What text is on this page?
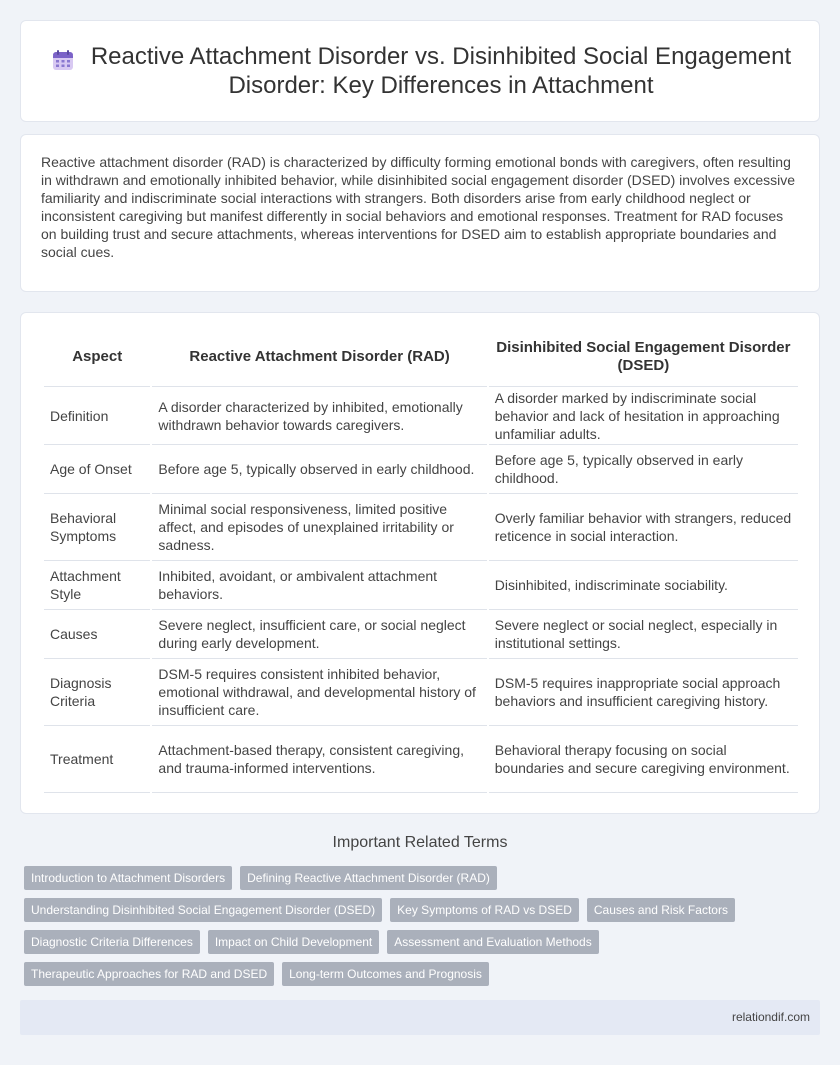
Reactive Attachment Disorder vs. Disinhibited Social Engagement Disorder: Key Differences in Attachment

Reactive attachment disorder (RAD) is characterized by difficulty forming emotional bonds with caregivers, often resulting in withdrawn and emotionally inhibited behavior, while disinhibited social engagement disorder (DSED) involves excessive familiarity and indiscriminate social interactions with strangers. Both disorders arise from early childhood neglect or inconsistent caregiving but manifest differently in social behaviors and emotional responses. Treatment for RAD focuses on building trust and secure attachments, whereas interventions for DSED aim to establish appropriate boundaries and social cues.

Aspect	Reactive Attachment Disorder (RAD)	Disinhibited Social Engagement Disorder (DSED)
Definition	A disorder characterized by inhibited, emotionally withdrawn behavior towards caregivers.	A disorder marked by indiscriminate social behavior and lack of hesitation in approaching unfamiliar adults.
Age of Onset	Before age 5, typically observed in early childhood.	Before age 5, typically observed in early childhood.
Behavioral Symptoms	Minimal social responsiveness, limited positive affect, and episodes of unexplained irritability or sadness.	Overly familiar behavior with strangers, reduced reticence in social interaction.
Attachment Style	Inhibited, avoidant, or ambivalent attachment behaviors.	Disinhibited, indiscriminate sociability.
Causes	Severe neglect, insufficient care, or social neglect during early development.	Severe neglect or social neglect, especially in institutional settings.
Diagnosis Criteria	DSM-5 requires consistent inhibited behavior, emotional withdrawal, and developmental history of insufficient care.	DSM-5 requires inappropriate social approach behaviors and insufficient caregiving history.
Treatment	Attachment-based therapy, consistent caregiving, and trauma-informed interventions.	Behavioral therapy focusing on social boundaries and secure caregiving environment.
Important Related Terms
Introduction to Attachment Disorders	Defining Reactive Attachment Disorder (RAD)
Understanding Disinhibited Social Engagement Disorder (DSED)	Key Symptoms of RAD vs DSED	Causes and Risk Factors
Diagnostic Criteria Differences	Impact on Child Development	Assessment and Evaluation Methods
Therapeutic Approaches for RAD and DSED	Long-term Outcomes and Prognosis
relationdif.com
